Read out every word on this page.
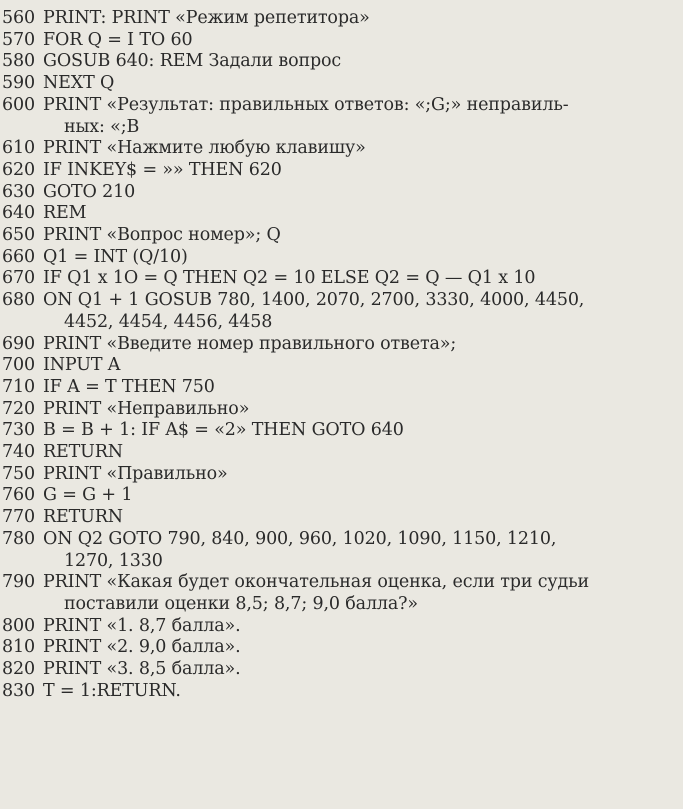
560 PRINT: PRINT «Режим репетитора»
570 FOR Q = I TO 60
580 GOSUB 640: REM Задали вопрос
590 NEXT Q
600 PRINT «Результат: правильных ответов: «;G;» неправиль-
ных: «;B
610 PRINT «Нажмите любую клавишу»
620 IF INKEY$ = »» THEN 620
630 GOTO 210
640 REM
650 PRINT «Вопрос номер»; Q
660 Q1 = INT (Q/10)
670 IF Q1 x 1O = Q THEN Q2 = 10 ELSE Q2 = Q — Q1 x 10
680 ON Q1 + 1 GOSUB 780, 1400, 2070, 2700, 3330, 4000, 4450,
4452, 4454, 4456, 4458
690 PRINT «Введите номер правильного ответа»;
700 INPUT A
710 IF A = T THEN 750
720 PRINT «Неправильно»
730 B = B + 1: IF A$ = «2» THEN GOTO 640
740 RETURN
750 PRINT «Правильно»
760 G = G + 1
770 RETURN
780 ON Q2 GOTO 790, 840, 900, 960, 1020, 1090, 1150, 1210,
1270, 1330
790 PRINT «Какая будет окончательная оценка, если три судьи
поставили оценки 8,5; 8,7; 9,0 балла?»
800 PRINT «1. 8,7 балла».
810 PRINT «2. 9,0 балла».
820 PRINT «3. 8,5 балла».
830 T = 1:RETURN.
